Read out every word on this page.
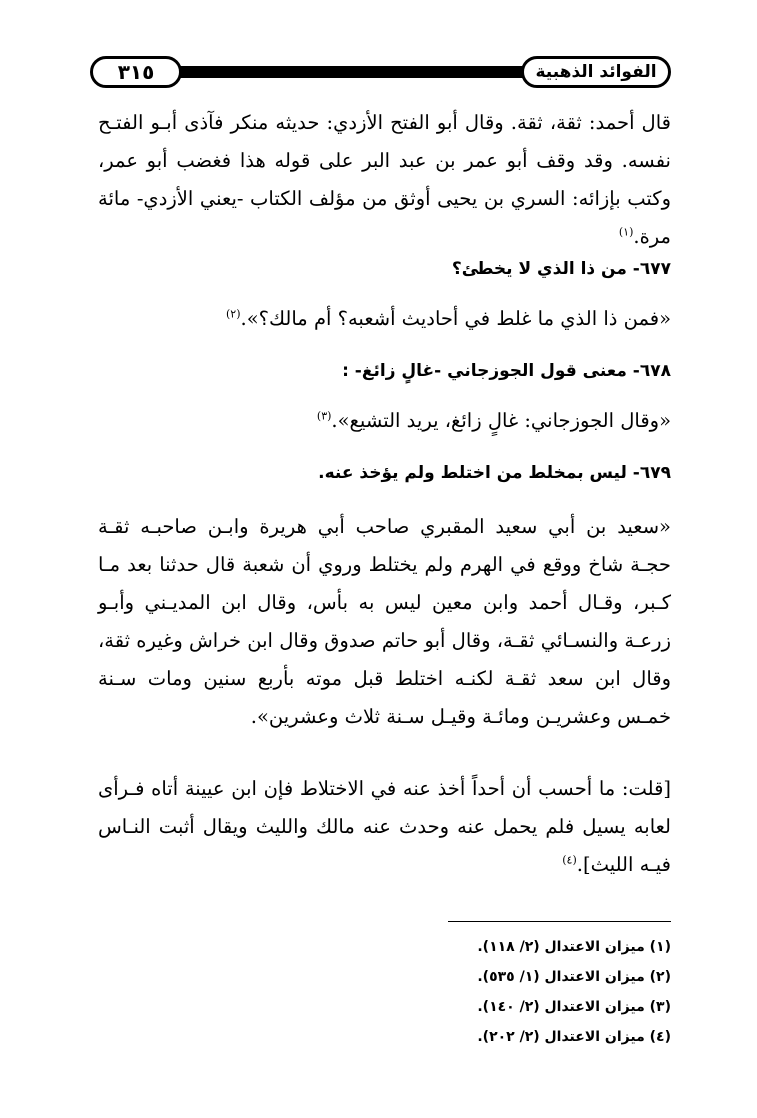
الفوائد الذهبية
٣١٥
قال أحمد: ثقة، ثقة. وقال أبو الفتح الأزدي: حديثه منكر فآذى أبـو الفتـح نفسه. وقد وقف أبو عمر بن عبد البر على قوله هذا فغضب أبو عمر، وكتب بإزائه: السري بن يحيى أوثق من مؤلف الكتاب -يعني الأزدي- مائة مرة.$^{(١)}$
٦٧٧- من ذا الذي لا يخطئ؟
«فمن ذا الذي ما غلط في أحاديث أشعبه؟ أم مالك؟».$^{(٢)}$
٦٧٨- معنى قول الجوزجاني -غالٍ زائغ- :
«وقال الجوزجاني: غالٍ زائغ، يريد التشيع».$^{(٣)}$
٦٧٩- ليس بمخلط من اختلط ولم يؤخذ عنه.
«سعيد بن أبي سعيد المقبري صاحب أبي هريرة وابـن صاحبـه ثقـة حجـة شاخ ووقع في الهرم ولم يختلط وروي أن شعبة قال حدثنا بعد مـا كـبر، وقـال أحمد وابن معين ليس به بأس، وقال ابن المديـني وأبـو زرعـة والنسـائي ثقـة، وقال أبو حاتم صدوق وقال ابن خراش وغيره ثقة، وقال ابن سعد ثقـة لكنـه اختلط قبل موته بأربع سنين ومات سـنة خمـس وعشريـن ومائـة وقيـل سـنة ثلاث وعشرين».
[قلت: ما أحسب أن أحداً أخذ عنه في الاختلاط فإن ابن عيينة أتاه فـرأى لعابه يسيل فلم يحمل عنه وحدث عنه مالك والليث ويقال أثبت النـاس فيـه الليث].$^{(٤)}$
(١) ميزان الاعتدال (٢/ ١١٨).
(٢) ميزان الاعتدال (١/ ٥٣٥).
(٣) ميزان الاعتدال (٢/ ١٤٠).
(٤) ميزان الاعتدال (٢/ ٢٠٢).
